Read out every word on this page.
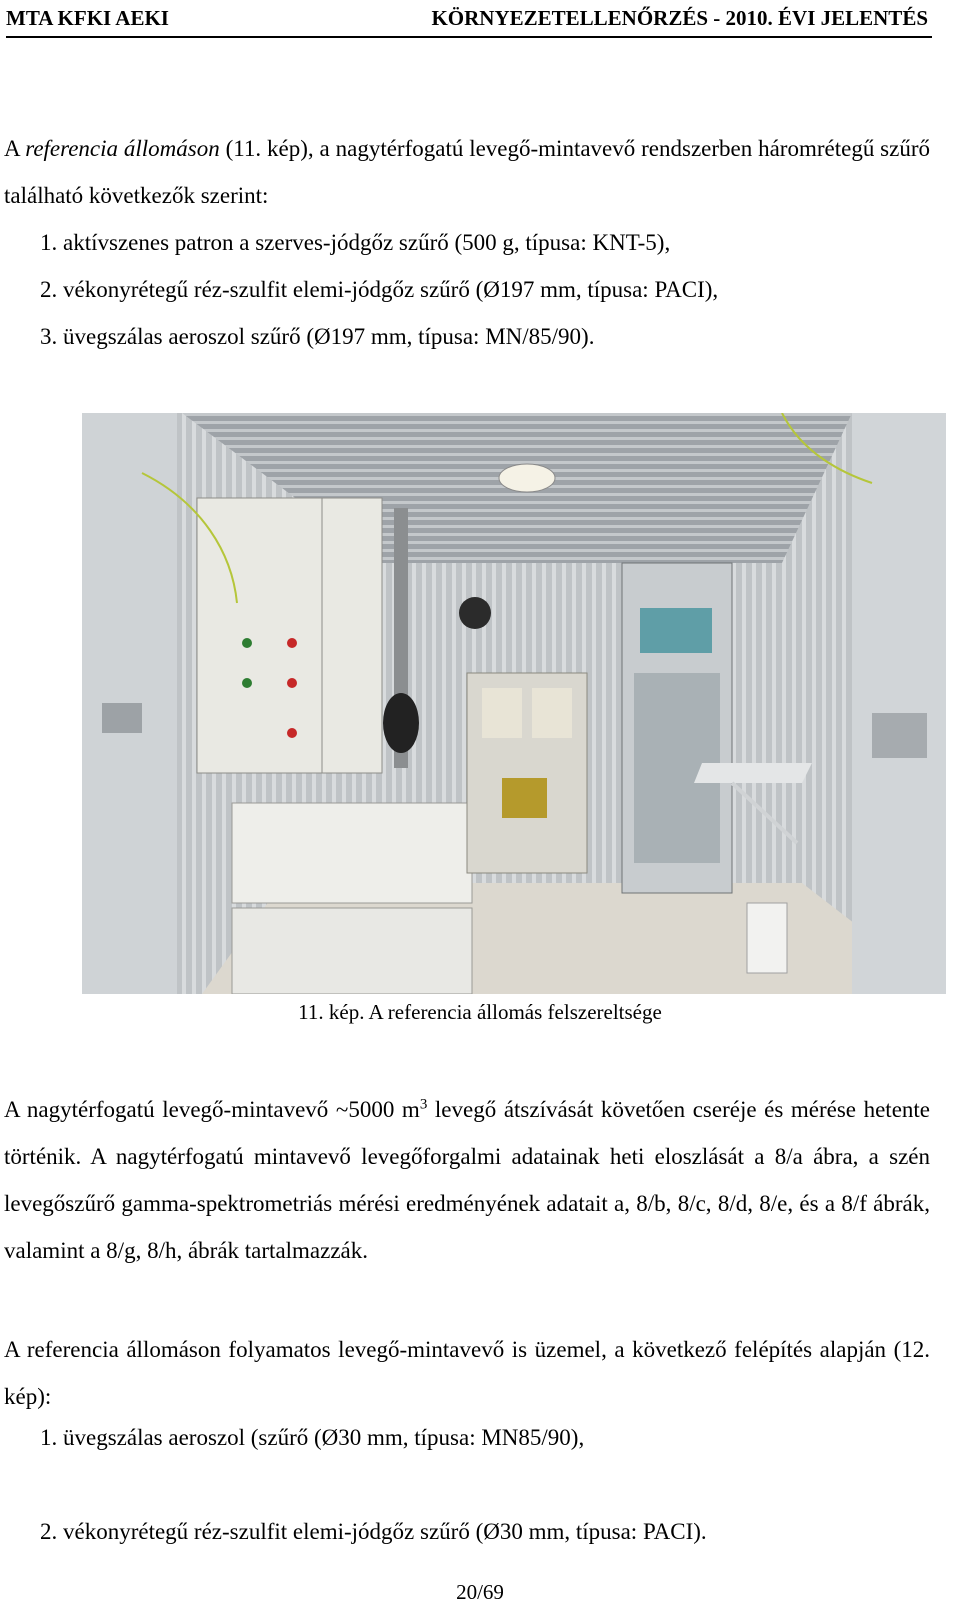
MTA KFKI AEKI	KÖRNYEZETELLENŐRZÉS - 2010. ÉVI JELENTÉS
A referencia állomáson (11. kép), a nagytérfogatú levegő-mintavevő rendszerben háromrétegű szűrő található következők szerint:
1. aktívszenes patron a szerves-jódgőz szűrő (500 g, típusa: KNT-5),
2. vékonyrétegű réz-szulfit elemi-jódgőz szűrő (Ø197 mm, típusa: PACI),
3. üvegszálas aeroszol szűrő (Ø197 mm, típusa: MN/85/90).
11. kép. A referencia állomás felszereltsége
A nagytérfogatú levegő-mintavevő ~5000 $m^3$ levegő átszívását követően cseréje és mérése hetente történik. A nagytérfogatú mintavevő levegőforgalmi adatainak heti eloszlását a 8/a ábra, a szén levegőszűrő gamma-spektrometriás mérési eredményének adatait a, 8/b, 8/c, 8/d, 8/e, és a 8/f ábrák, valamint a 8/g, 8/h, ábrák tartalmazzák.
A referencia állomáson folyamatos levegő-mintavevő is üzemel, a következő felépítés alapján (12. kép):
1. üvegszálas aeroszol (szűrő (Ø30 mm, típusa: MN85/90),
2. vékonyrétegű réz-szulfit elemi-jódgőz szűrő (Ø30 mm, típusa: PACI).
20/69
